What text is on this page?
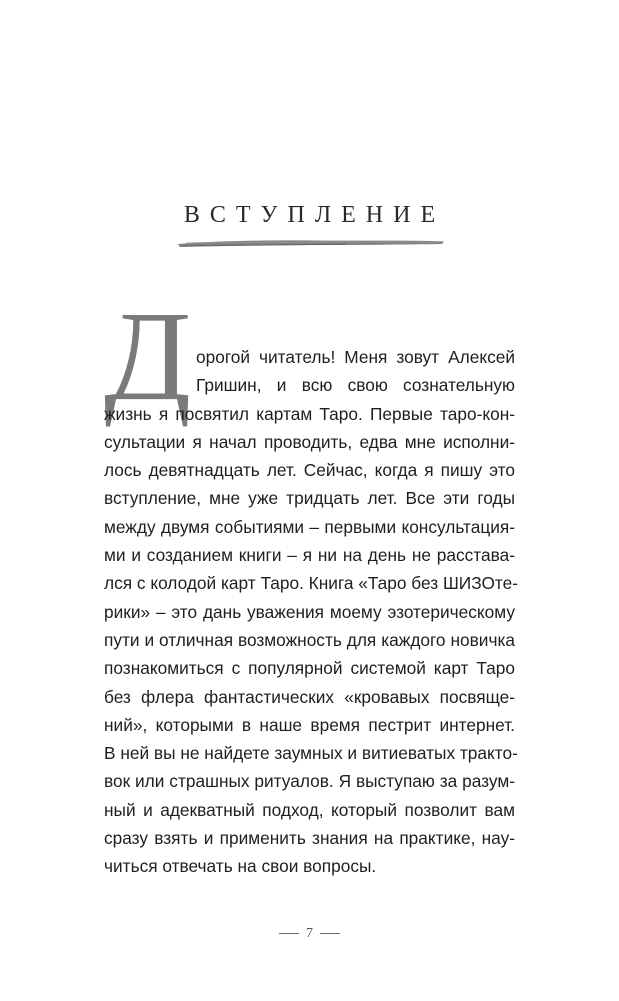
ВСТУПЛЕНИЕ
Д орогой читатель! Меня зовут Алексей
Гришин, и всю свою сознательную
жизнь я посвятил картам Таро. Первые таро-кон-
сультации я начал проводить, едва мне исполни-
лось девятнадцать лет. Сейчас, когда я пишу это
вступление, мне уже тридцать лет. Все эти годы
между двумя событиями – первыми консультация-
ми и созданием книги – я ни на день не расстава-
лся с колодой карт Таро. Книга «Таро без ШИЗОте-
рики» – это дань уважения моему эзотерическому
пути и отличная возможность для каждого новичка
познакомиться с популярной системой карт Таро
без флера фантастических «кровавых посвяще-
ний», которыми в наше время пестрит интернет.
В ней вы не найдете заумных и витиеватых тракто-
вок или страшных ритуалов. Я выступаю за разум-
ный и адекватный подход, который позволит вам
сразу взять и применить знания на практике, нау-
читься отвечать на свои вопросы.
7
